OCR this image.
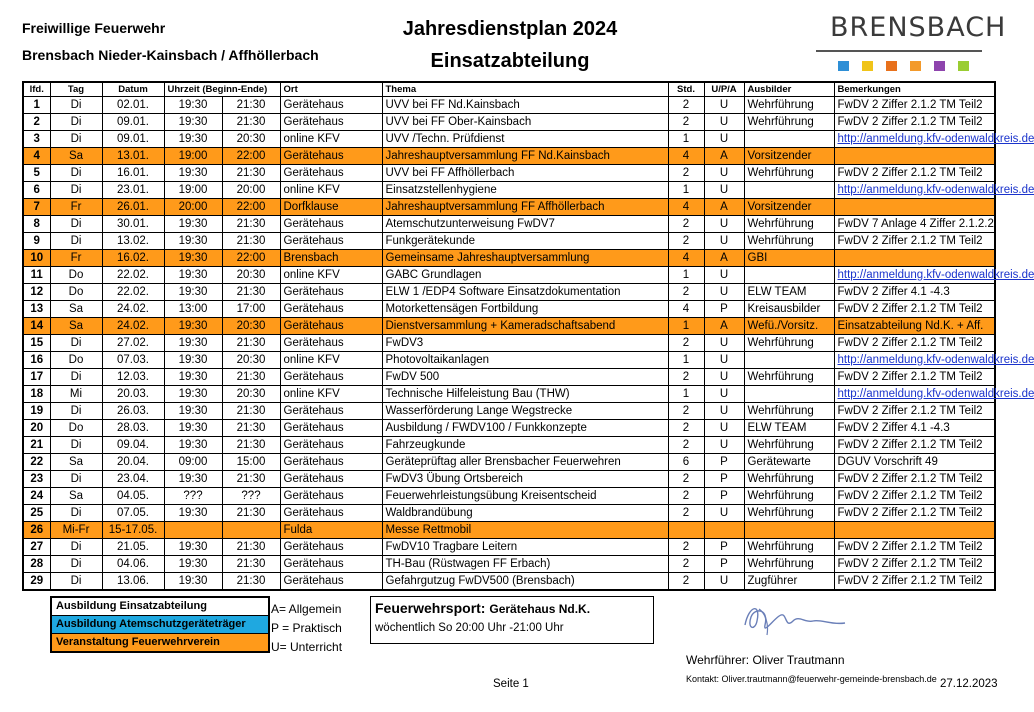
Freiwillige Feuerwehr
Brensbach Nieder-Kainsbach / Affhöllerbach
Jahresdienstplan 2024
Einsatzabteilung
BRENSBACH
lfd.	Tag	Datum	Uhrzeit (Beginn-Ende)		Ort	Thema	Std.	U/P/A	Ausbilder	Bemerkungen
1	Di	02.01.	19:30	21:30	Gerätehaus	UVV bei FF Nd.Kainsbach	2	U	Wehrführung	FwDV 2 Ziffer 2.1.2 TM Teil2
2	Di	09.01.	19:30	21:30	Gerätehaus	UVV bei FF Ober-Kainsbach	2	U	Wehrführung	FwDV 2 Ziffer 2.1.2 TM Teil2
3	Di	09.01.	19:30	20:30	online KFV	UVV /Techn. Prüfdienst	1	U		http://anmeldung.kfv-odenwaldkreis.de
4	Sa	13.01.	19:00	22:00	Gerätehaus	Jahreshauptversammlung FF Nd.Kainsbach	4	A	Vorsitzender	
5	Di	16.01.	19:30	21:30	Gerätehaus	UVV bei FF Affhöllerbach	2	U	Wehrführung	FwDV 2 Ziffer 2.1.2 TM Teil2
6	Di	23.01.	19:00	20:00	online KFV	Einsatzstellenhygiene	1	U		http://anmeldung.kfv-odenwaldkreis.de
7	Fr	26.01.	20:00	22:00	Dorfklause	Jahreshauptversammlung FF Affhöllerbach	4	A	Vorsitzender	
8	Di	30.01.	19:30	21:30	Gerätehaus	Atemschutzunterweisung FwDV7	2	U	Wehrführung	FwDV 7 Anlage 4 Ziffer 2.1.2.2
9	Di	13.02.	19:30	21:30	Gerätehaus	Funkgerätekunde	2	U	Wehrführung	FwDV 2 Ziffer 2.1.2 TM Teil2
10	Fr	16.02.	19:30	22:00	Brensbach	Gemeinsame Jahreshauptversammlung	4	A	GBI	
11	Do	22.02.	19:30	20:30	online KFV	GABC Grundlagen	1	U		http://anmeldung.kfv-odenwaldkreis.de
12	Do	22.02.	19:30	21:30	Gerätehaus	ELW 1 /EDP4 Software Einsatzdokumentation	2	U	ELW TEAM	FwDV 2 Ziffer 4.1 -4.3
13	Sa	24.02.	13:00	17:00	Gerätehaus	Motorkettensägen Fortbildung	4	P	Kreisausbilder	FwDV 2 Ziffer 2.1.2 TM Teil2
14	Sa	24.02.	19:30	20:30	Gerätehaus	Dienstversammlung + Kameradschaftsabend	1	A	Wefü./Vorsitz.	Einsatzabteilung Nd.K. + Aff.
15	Di	27.02.	19:30	21:30	Gerätehaus	FwDV3	2	U	Wehrführung	FwDV 2 Ziffer 2.1.2 TM Teil2
16	Do	07.03.	19:30	20:30	online KFV	Photovoltaikanlagen	1	U		http://anmeldung.kfv-odenwaldkreis.de
17	Di	12.03.	19:30	21:30	Gerätehaus	FwDV 500	2	U	Wehrführung	FwDV 2 Ziffer 2.1.2 TM Teil2
18	Mi	20.03.	19:30	20:30	online KFV	Technische Hilfeleistung Bau (THW)	1	U		http://anmeldung.kfv-odenwaldkreis.de
19	Di	26.03.	19:30	21:30	Gerätehaus	Wasserförderung Lange Wegstrecke	2	U	Wehrführung	FwDV 2 Ziffer 2.1.2 TM Teil2
20	Do	28.03.	19:30	21:30	Gerätehaus	Ausbildung / FWDV100 / Funkkonzepte	2	U	ELW TEAM	FwDV 2 Ziffer 4.1 -4.3
21	Di	09.04.	19:30	21:30	Gerätehaus	Fahrzeugkunde	2	U	Wehrführung	FwDV 2 Ziffer 2.1.2 TM Teil2
22	Sa	20.04.	09:00	15:00	Gerätehaus	Geräteprüftag aller Brensbacher Feuerwehren	6	P	Gerätewarte	DGUV Vorschrift 49
23	Di	23.04.	19:30	21:30	Gerätehaus	FwDV3 Übung Ortsbereich	2	P	Wehrführung	FwDV 2 Ziffer 2.1.2 TM Teil2
24	Sa	04.05.	???	???	Gerätehaus	Feuerwehrleistungsübung Kreisentscheid	2	P	Wehrführung	FwDV 2 Ziffer 2.1.2 TM Teil2
25	Di	07.05.	19:30	21:30	Gerätehaus	Waldbrandübung	2	U	Wehrführung	FwDV 2 Ziffer 2.1.2 TM Teil2
26	Mi-Fr	15-17.05.			Fulda	Messe Rettmobil				
27	Di	21.05.	19:30	21:30	Gerätehaus	FwDV10 Tragbare Leitern	2	P	Wehrführung	FwDV 2 Ziffer 2.1.2 TM Teil2
28	Di	04.06.	19:30	21:30	Gerätehaus	TH-Bau (Rüstwagen FF Erbach)	2	P	Wehrführung	FwDV 2 Ziffer 2.1.2 TM Teil2
29	Di	13.06.	19:30	21:30	Gerätehaus	Gefahrgutzug FwDV500 (Brensbach)	2	U	Zugführer	FwDV 2 Ziffer 2.1.2 TM Teil2
Ausbildung Einsatzabteilung
Ausbildung Atemschutzgeräteträger
Veranstaltung Feuerwehrverein
A= Allgemein
P = Praktisch
U= Unterricht
Feuerwehrsport: Gerätehaus Nd.K.
wöchentlich So 20:00 Uhr -21:00 Uhr
Wehrführer: Oliver Trautmann
Kontakt: Oliver.trautmann@feuerwehr-gemeinde-brensbach.de 27.12.2023
Seite 1
